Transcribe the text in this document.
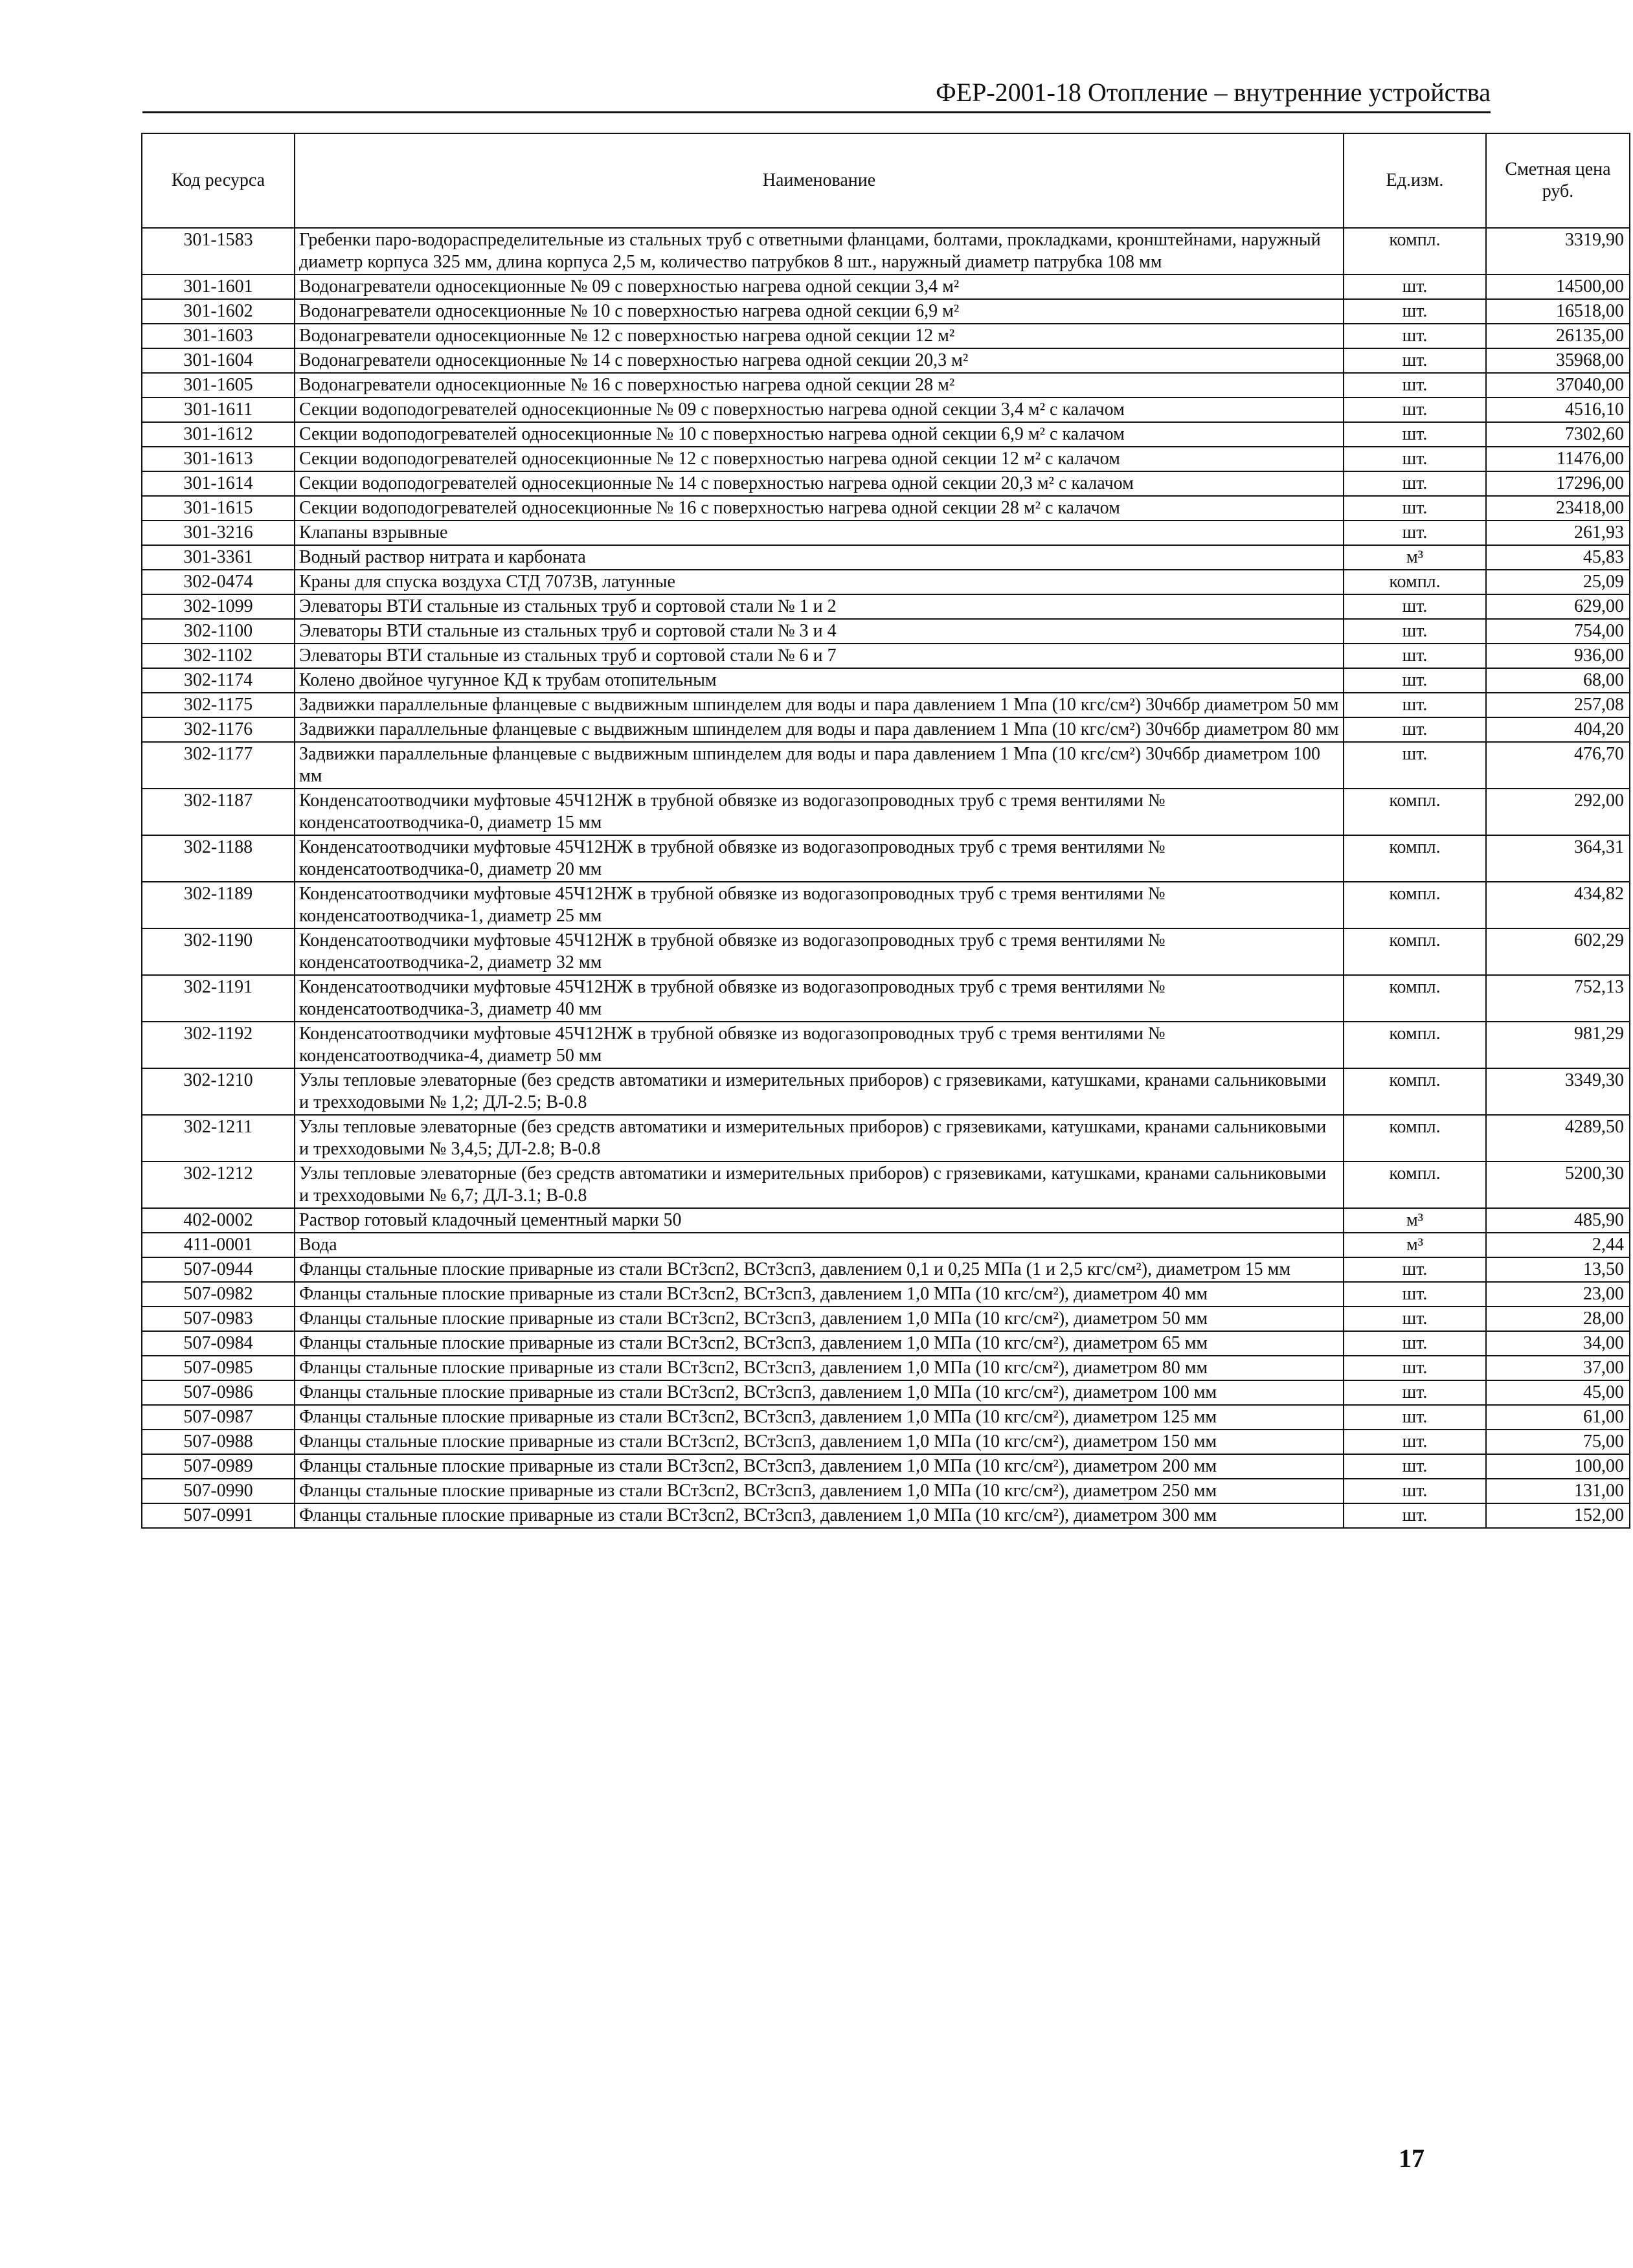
ФЕР-2001-18 Отопление – внутренние устройства
Код ресурса	Наименование	Ед.изм.	Сметная цена руб.
301-1583	Гребенки паро-водораспределительные из стальных труб с ответными фланцами, болтами, прокладками, кронштейнами, наружный диаметр корпуса 325 мм, длина корпуса 2,5 м, количество патрубков 8 шт., наружный диаметр патрубка 108 мм	компл.	3319,90
301-1601	Водонагреватели односекционные № 09 с поверхностью нагрева одной секции 3,4 м²	шт.	14500,00
301-1602	Водонагреватели односекционные № 10 с поверхностью нагрева одной секции 6,9 м²	шт.	16518,00
301-1603	Водонагреватели односекционные № 12 с поверхностью нагрева одной секции 12 м²	шт.	26135,00
301-1604	Водонагреватели односекционные № 14 с поверхностью нагрева одной секции 20,3 м²	шт.	35968,00
301-1605	Водонагреватели односекционные № 16 с поверхностью нагрева одной секции 28 м²	шт.	37040,00
301-1611	Секции водоподогревателей односекционные № 09 с поверхностью нагрева одной секции 3,4 м² с калачом	шт.	4516,10
301-1612	Секции водоподогревателей односекционные № 10 с поверхностью нагрева одной секции 6,9 м² с калачом	шт.	7302,60
301-1613	Секции водоподогревателей односекционные № 12 с поверхностью нагрева одной секции 12 м² с калачом	шт.	11476,00
301-1614	Секции водоподогревателей односекционные № 14 с поверхностью нагрева одной секции 20,3 м² с калачом	шт.	17296,00
301-1615	Секции водоподогревателей односекционные № 16 с поверхностью нагрева одной секции 28 м² с калачом	шт.	23418,00
301-3216	Клапаны взрывные	шт.	261,93
301-3361	Водный раствор нитрата и карбоната	м³	45,83
302-0474	Краны для спуска воздуха СТД 7073В, латунные	компл.	25,09
302-1099	Элеваторы ВТИ стальные из стальных труб и сортовой стали № 1 и 2	шт.	629,00
302-1100	Элеваторы ВТИ стальные из стальных труб и сортовой стали № 3 и 4	шт.	754,00
302-1102	Элеваторы ВТИ стальные из стальных труб и сортовой стали № 6 и 7	шт.	936,00
302-1174	Колено двойное чугунное КД к трубам отопительным	шт.	68,00
302-1175	Задвижки параллельные фланцевые с выдвижным шпинделем для воды и пара давлением 1 Мпа (10 кгс/см²) 30ч6бр диаметром 50 мм	шт.	257,08
302-1176	Задвижки параллельные фланцевые с выдвижным шпинделем для воды и пара давлением 1 Мпа (10 кгс/см²) 30ч6бр диаметром 80 мм	шт.	404,20
302-1177	Задвижки параллельные фланцевые с выдвижным шпинделем для воды и пара давлением 1 Мпа (10 кгс/см²) 30ч6бр диаметром 100 мм	шт.	476,70
302-1187	Конденсатоотводчики муфтовые 45Ч12НЖ в трубной обвязке из водогазопроводных труб с тремя вентилями № конденсатоотводчика-0, диаметр 15 мм	компл.	292,00
302-1188	Конденсатоотводчики муфтовые 45Ч12НЖ в трубной обвязке из водогазопроводных труб с тремя вентилями № конденсатоотводчика-0, диаметр 20 мм	компл.	364,31
302-1189	Конденсатоотводчики муфтовые 45Ч12НЖ в трубной обвязке из водогазопроводных труб с тремя вентилями № конденсатоотводчика-1, диаметр 25 мм	компл.	434,82
302-1190	Конденсатоотводчики муфтовые 45Ч12НЖ в трубной обвязке из водогазопроводных труб с тремя вентилями № конденсатоотводчика-2, диаметр 32 мм	компл.	602,29
302-1191	Конденсатоотводчики муфтовые 45Ч12НЖ в трубной обвязке из водогазопроводных труб с тремя вентилями № конденсатоотводчика-3, диаметр 40 мм	компл.	752,13
302-1192	Конденсатоотводчики муфтовые 45Ч12НЖ в трубной обвязке из водогазопроводных труб с тремя вентилями № конденсатоотводчика-4, диаметр 50 мм	компл.	981,29
302-1210	Узлы тепловые элеваторные (без средств автоматики и измерительных приборов) с грязевиками, катушками, кранами сальниковыми и трехходовыми № 1,2; ДЛ-2.5; В-0.8	компл.	3349,30
302-1211	Узлы тепловые элеваторные (без средств автоматики и измерительных приборов) с грязевиками, катушками, кранами сальниковыми и трехходовыми № 3,4,5; ДЛ-2.8; В-0.8	компл.	4289,50
302-1212	Узлы тепловые элеваторные (без средств автоматики и измерительных приборов) с грязевиками, катушками, кранами сальниковыми и трехходовыми № 6,7; ДЛ-3.1; В-0.8	компл.	5200,30
402-0002	Раствор готовый кладочный цементный марки 50	м³	485,90
411-0001	Вода	м³	2,44
507-0944	Фланцы стальные плоские приварные из стали ВСт3сп2, ВСт3сп3, давлением 0,1 и 0,25 МПа (1 и 2,5 кгс/см²), диаметром 15 мм	шт.	13,50
507-0982	Фланцы стальные плоские приварные из стали ВСт3сп2, ВСт3сп3, давлением 1,0 МПа (10 кгс/см²), диаметром 40 мм	шт.	23,00
507-0983	Фланцы стальные плоские приварные из стали ВСт3сп2, ВСт3сп3, давлением 1,0 МПа (10 кгс/см²), диаметром 50 мм	шт.	28,00
507-0984	Фланцы стальные плоские приварные из стали ВСт3сп2, ВСт3сп3, давлением 1,0 МПа (10 кгс/см²), диаметром 65 мм	шт.	34,00
507-0985	Фланцы стальные плоские приварные из стали ВСт3сп2, ВСт3сп3, давлением 1,0 МПа (10 кгс/см²), диаметром 80 мм	шт.	37,00
507-0986	Фланцы стальные плоские приварные из стали ВСт3сп2, ВСт3сп3, давлением 1,0 МПа (10 кгс/см²), диаметром 100 мм	шт.	45,00
507-0987	Фланцы стальные плоские приварные из стали ВСт3сп2, ВСт3сп3, давлением 1,0 МПа (10 кгс/см²), диаметром 125 мм	шт.	61,00
507-0988	Фланцы стальные плоские приварные из стали ВСт3сп2, ВСт3сп3, давлением 1,0 МПа (10 кгс/см²), диаметром 150 мм	шт.	75,00
507-0989	Фланцы стальные плоские приварные из стали ВСт3сп2, ВСт3сп3, давлением 1,0 МПа (10 кгс/см²), диаметром 200 мм	шт.	100,00
507-0990	Фланцы стальные плоские приварные из стали ВСт3сп2, ВСт3сп3, давлением 1,0 МПа (10 кгс/см²), диаметром 250 мм	шт.	131,00
507-0991	Фланцы стальные плоские приварные из стали ВСт3сп2, ВСт3сп3, давлением 1,0 МПа (10 кгс/см²), диаметром 300 мм	шт.	152,00
17
